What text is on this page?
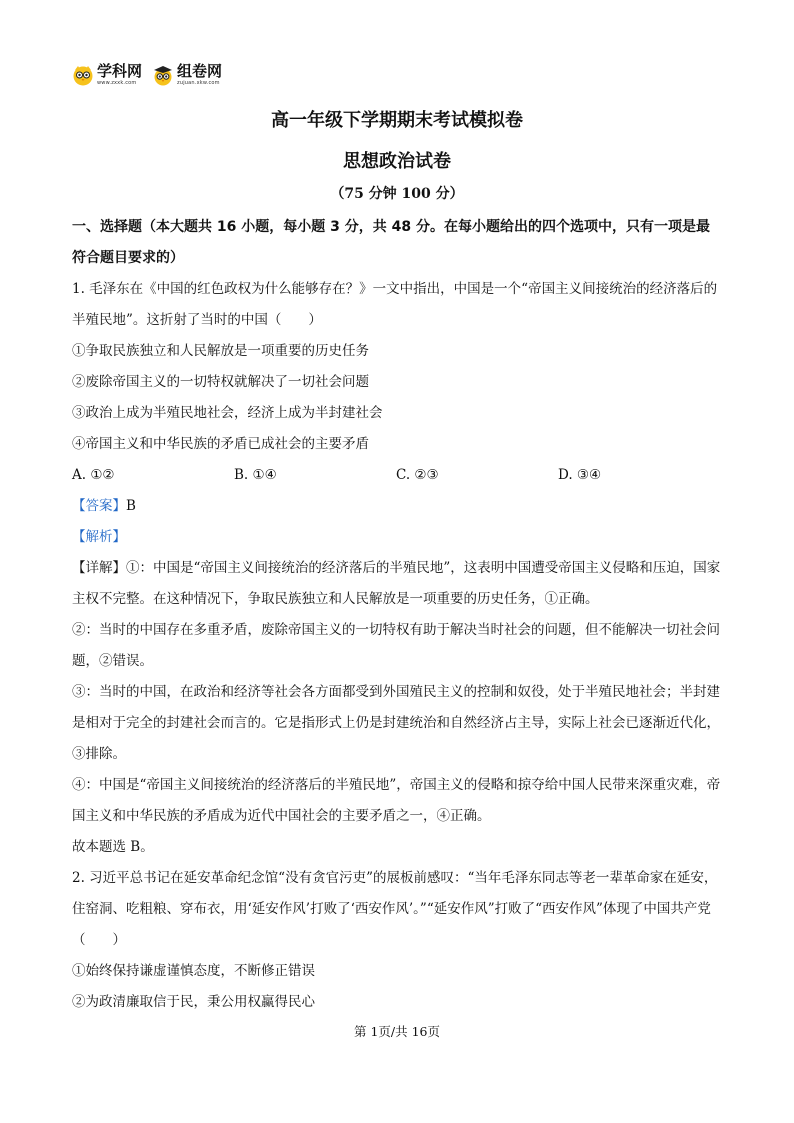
学科网
www.zxxk.com
组卷网
zujuan.xkw.com
高一年级下学期期末考试模拟卷
思想政治试卷
（75 分钟 100 分）
一、选择题（本大题共 16 小题，每小题 3 分，共 48 分。在每小题给出的四个选项中，只有一项是最符合题目要求的）

1. 毛泽东在《中国的红色政权为什么能够存在？》一文中指出，中国是一个“帝国主义间接统治的经济落后的半殖民地”。这折射了当时的中国（　　）

①争取民族独立和人民解放是一项重要的历史任务

②废除帝国主义的一切特权就解决了一切社会问题

③政治上成为半殖民地社会，经济上成为半封建社会

④帝国主义和中华民族的矛盾已成社会的主要矛盾

A. ①②	B. ①④	C. ②③	D. ③④

【答案】B

【解析】

【详解】①：中国是“帝国主义间接统治的经济落后的半殖民地”，这表明中国遭受帝国主义侵略和压迫，国家主权不完整。在这种情况下，争取民族独立和人民解放是一项重要的历史任务，①正确。

②：当时的中国存在多重矛盾，废除帝国主义的一切特权有助于解决当时社会的问题，但不能解决一切社会问题，②错误。

③：当时的中国，在政治和经济等社会各方面都受到外国殖民主义的控制和奴役，处于半殖民地社会；半封建是相对于完全的封建社会而言的。它是指形式上仍是封建统治和自然经济占主导，实际上社会已逐渐近代化，③排除。

④：中国是“帝国主义间接统治的经济落后的半殖民地”，帝国主义的侵略和掠夺给中国人民带来深重灾难，帝国主义和中华民族的矛盾成为近代中国社会的主要矛盾之一，④正确。

故本题选 B。

2. 习近平总书记在延安革命纪念馆“没有贪官污吏”的展板前感叹：“当年毛泽东同志等老一辈革命家在延安，住窑洞、吃粗粮、穿布衣，用‘延安作风’打败了‘西安作风’。”“延安作风”打败了“西安作风”体现了中国共产党（　　）

①始终保持谦虚谨慎态度，不断修正错误

②为政清廉取信于民，秉公用权赢得民心

第 1页/共 16页
